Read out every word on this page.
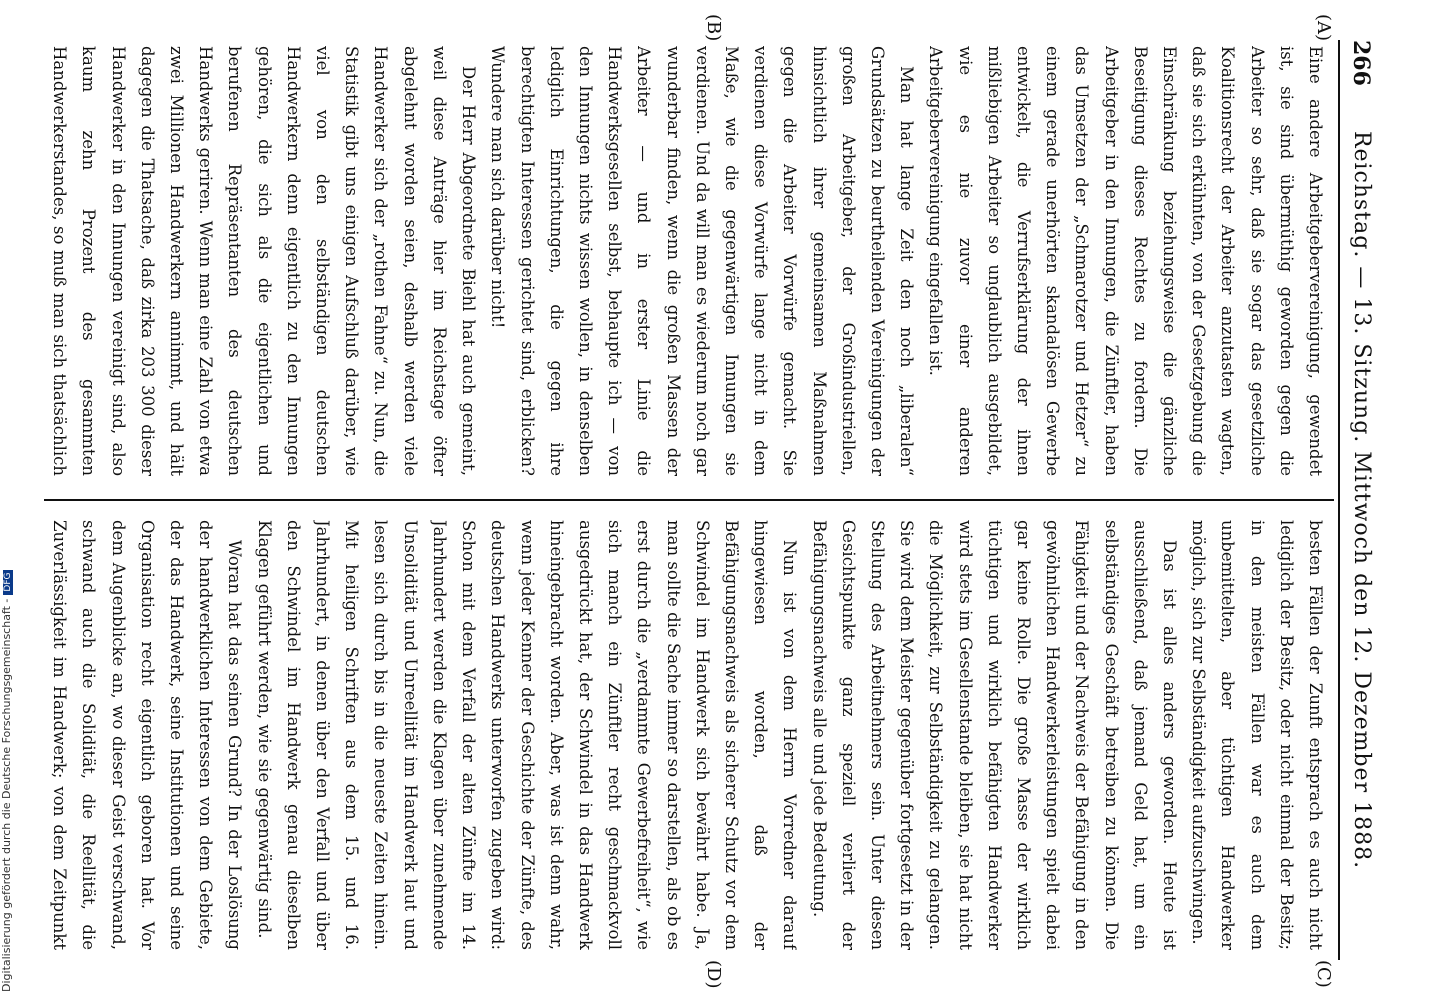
266
Reichstag. — 13. Sitzung. Mittwoch den 12. Dezember 1888.
(A)
(B)
(C)
(D)

Eine andere Arbeitgebervereinigung, gewendet ist, sie sind übermüthig geworden gegen die Arbeiter so sehr, daß sie sogar das gesetzliche Koalitionsrecht der Arbeiter anzutasten wagten, daß sie sich erkühnten, von der Gesetzgebung die Einschränkung beziehungsweise die gänzliche Beseitigung dieses Rechtes zu fordern. Die Arbeitgeber in den Innungen, die Zünftler, haben das Umsetzen der „Schmarotzer und Hetzer“ zu einem gerade unerhörten skandalösen Gewerbe entwickelt, die Verrufserklärung der ihnen mißliebigen Arbeiter so unglaublich ausgebildet, wie es nie zuvor einer anderen Arbeitgebervereinigung eingefallen ist.

Man hat lange Zeit den noch „liberalen“ Grundsätzen zu beurtheilenden Vereinigungen der großen Arbeitgeber, der Großindustriellen, hinsichtlich ihrer gemeinsamen Maßnahmen gegen die Arbeiter Vorwürfe gemacht. Sie verdienen diese Vorwürfe lange nicht in dem Maße, wie die gegenwärtigen Innungen sie verdienen. Und da will man es wiederum noch gar wunderbar finden, wenn die großen Massen der Arbeiter — und in erster Linie die Handwerksgesellen selbst, behaupte ich — von den Innungen nichts wissen wollen, in denselben lediglich Einrichtungen, die gegen ihre berechtigten Interessen gerichtet sind, erblicken? Wundere man sich darüber nicht!

Der Herr Abgeordnete Biehl hat auch gemeint, weil diese Anträge hier im Reichstage öfter abgelehnt worden seien, deshalb werden viele Handwerker sich der „rothen Fahne“ zu. Nun, die Statistik gibt uns einigen Aufschluß darüber, wie viel von den selbständigen deutschen Handwerkern denn eigentlich zu den Innungen gehören, die sich als die eigentlichen und berufenen Repräsentanten des deutschen Handwerks geriren. Wenn man eine Zahl von etwa zwei Millionen Handwerkern annimmt, und hält dagegen die Thatsache, daß zirka 203 300 dieser Handwerker in den Innungen vereinigt sind, also kaum zehn Prozent des gesammten Handwerkerstandes, so muß man sich thatsächlich

besten Fällen der Zunft entsprach es auch nicht lediglich der Besitz, oder nicht einmal der Besitz; in den meisten Fällen war es auch dem unbemittelten, aber tüchtigen Handwerker möglich, sich zur Selbständigkeit aufzuschwingen.

Das ist alles anders geworden. Heute ist ausschließend, daß jemand Geld hat, um ein selbständiges Geschäft betreiben zu können. Die Fähigkeit und der Nachweis der Befähigung in den gewöhnlichen Handwerkerleistungen spielt dabei gar keine Rolle. Die große Masse der wirklich tüchtigen und wirklich befähigten Handwerker wird stets im Gesellenstande bleiben, sie hat nicht die Möglichkeit, zur Selbständigkeit zu gelangen. Sie wird dem Meister gegenüber fortgesetzt in der Stellung des Arbeitnehmers sein. Unter diesen Gesichtspunkte ganz speziell verliert der Befähigungsnachweis alle und jede Bedeutung.

Nun ist von dem Herrn Vorredner darauf hingewiesen worden, daß der Befähigungsnachweis als sicherer Schutz vor dem Schwindel im Handwerk sich bewährt habe. Ja, man sollte die Sache immer so darstellen, als ob es erst durch die „verdammte Gewerbefreiheit“, wie sich manch ein Zünftler recht geschmackvoll ausgedrückt hat, der Schwindel in das Handwerk hineingebracht worden. Aber, was ist denn wahr, wenn jeder Kenner der Geschichte der Zünfte, des deutschen Handwerks unterworfen zugeben wird: Schon mit dem Verfall der alten Zünfte im 14. Jahrhundert werden die Klagen über zunehmende Unsolidität und Unreellität im Handwerk laut und lesen sich durch bis in die neueste Zeiten hinein. Mit heiligen Schriften aus dem 15. und 16. Jahrhundert, in denen über den Verfall und über den Schwindel im Handwerk genau dieselben Klagen geführt werden, wie sie gegenwärtig sind.

Woran hat das seinen Grund? In der Loslösung der handwerklichen Interessen von dem Gebiete, der das Handwerk, seine Institutionen und seine Organisation recht eigentlich geboren hat. Vor dem Augenblicke an, wo dieser Geist verschwand, schwand auch die Solidität, die Reellität, die Zuverlässigkeit im Handwerk; von dem Zeitpunkt

Digitalisierung gefördert durch die Deutsche Forschungsgemeinschaft -DFG
